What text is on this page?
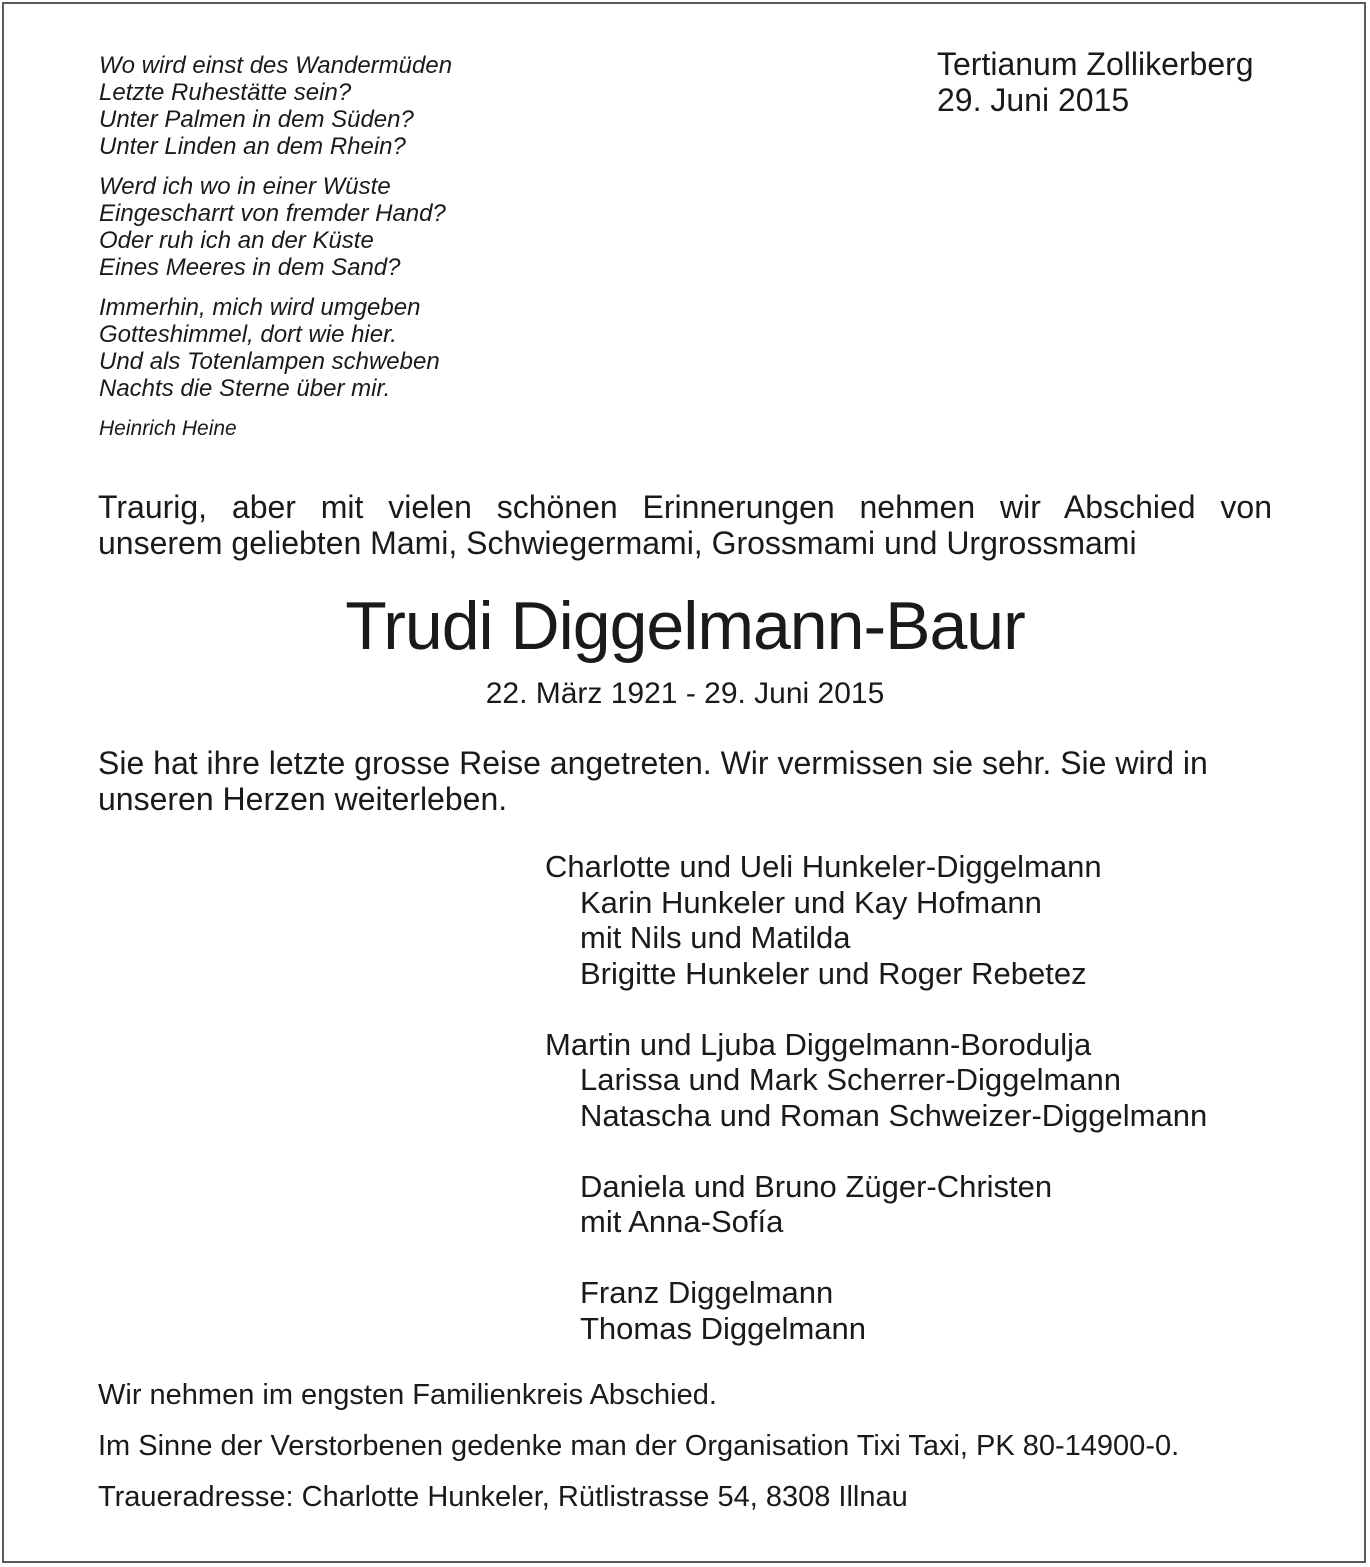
Wo wird einst des Wandermüden
Letzte Ruhestätte sein?
Unter Palmen in dem Süden?
Unter Linden an dem Rhein?
Werd ich wo in einer Wüste
Eingescharrt von fremder Hand?
Oder ruh ich an der Küste
Eines Meeres in dem Sand?
Immerhin, mich wird umgeben
Gotteshimmel, dort wie hier.
Und als Totenlampen schweben
Nachts die Sterne über mir.
Heinrich Heine
Tertianum Zollikerberg
29. Juni 2015
Traurig, aber mit vielen schönen Erinnerungen nehmen wir Abschied von
unserem geliebten Mami, Schwiegermami, Grossmami und Urgrossmami
Trudi Diggelmann-Baur
22. März 1921 - 29. Juni 2015
Sie hat ihre letzte grosse Reise angetreten. Wir vermissen sie sehr. Sie wird in
unseren Herzen weiterleben.
Charlotte und Ueli Hunkeler-Diggelmann
Karin Hunkeler und Kay Hofmann
mit Nils und Matilda
Brigitte Hunkeler und Roger Rebetez
Martin und Ljuba Diggelmann-Borodulja
Larissa und Mark Scherrer-Diggelmann
Natascha und Roman Schweizer-Diggelmann
Daniela und Bruno Züger-Christen
mit Anna-Sofía
Franz Diggelmann
Thomas Diggelmann
Wir nehmen im engsten Familienkreis Abschied.
Im Sinne der Verstorbenen gedenke man der Organisation Tixi Taxi, PK 80-14900-0.
Traueradresse: Charlotte Hunkeler, Rütlistrasse 54, 8308 Illnau
